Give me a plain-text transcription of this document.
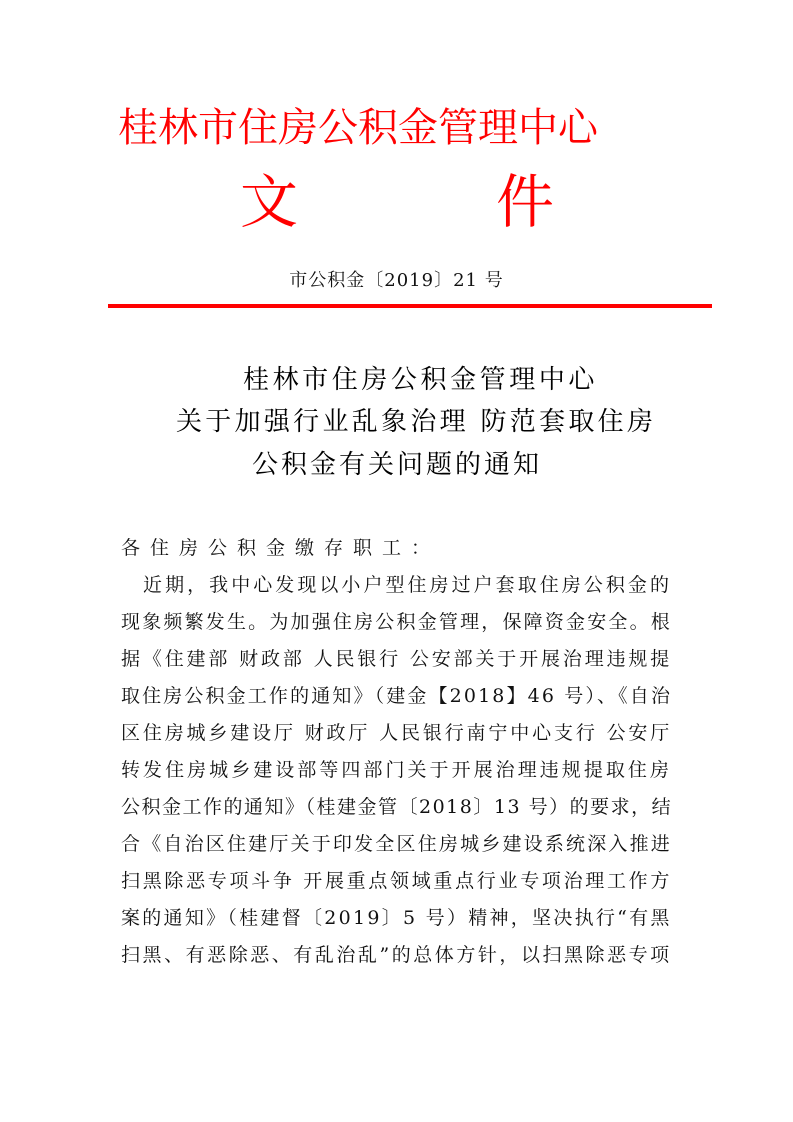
桂林市住房公积金管理中心
文	件
市公积金〔2019〕21 号
桂林市住房公积金管理中心
关于加强行业乱象治理 防范套取住房
公积金有关问题的通知
各住房公积金缴存职工：
　近期，我中心发现以小户型住房过户套取住房公积金的
现象频繁发生。为加强住房公积金管理，保障资金安全。根
据《住建部 财政部 人民银行 公安部关于开展治理违规提
取住房公积金工作的通知》（建金【2018】46 号）、《自治
区住房城乡建设厅 财政厅 人民银行南宁中心支行 公安厅
转发住房城乡建设部等四部门关于开展治理违规提取住房
公积金工作的通知》（桂建金管〔2018〕13 号）的要求，结
合《自治区住建厅关于印发全区住房城乡建设系统深入推进
扫黑除恶专项斗争 开展重点领域重点行业专项治理工作方
案的通知》（桂建督〔2019〕5 号）精神，坚决执行“有黑
扫黑、有恶除恶、有乱治乱”的总体方针，以扫黑除恶专项
